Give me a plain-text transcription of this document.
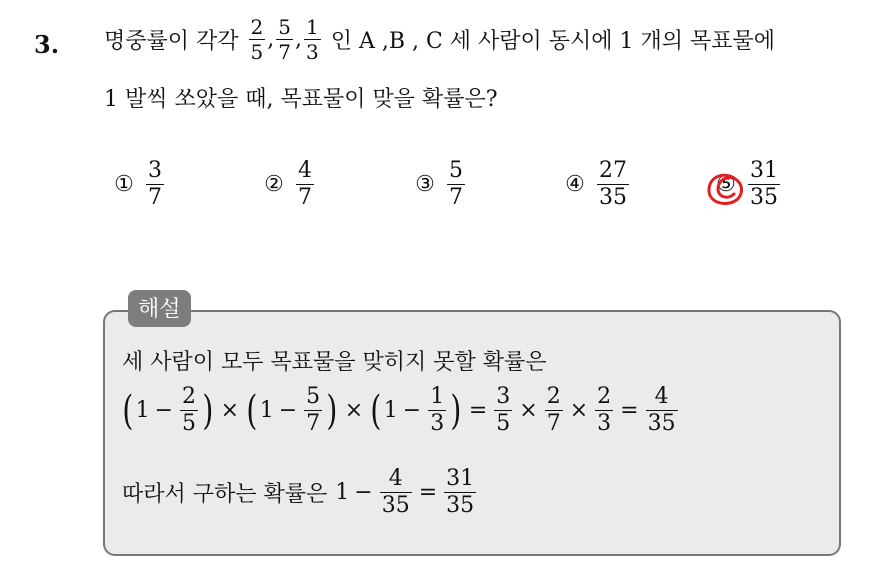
3. 명중률이 각각 $\frac{2}{5}$ , $\frac{5}{7}$ , $\frac{1}{3}$ 인 A ,B , C 세 사람이 동시에 1 개의 목표물에
1 발씩 쏘았을 때, 목표물이 맞을 확률은?
① $\frac{3}{7}$	② $\frac{4}{7}$	③ $\frac{5}{7}$	④ $\frac{27}{35}$	⑤ $\frac{31}{35}$
해설
세 사람이 모두 목표물을 맞히지 못할 확률은
( $1 - \frac{2}{5}$ ) × ( $1 - \frac{5}{7}$ ) × ( $1 - \frac{1}{3}$ ) = $\frac{3}{5} \times \frac{2}{7} \times \frac{2}{3} = \frac{4}{35}$
따라서 구하는 확률은 $1 - \frac{4}{35} = \frac{31}{35}$
